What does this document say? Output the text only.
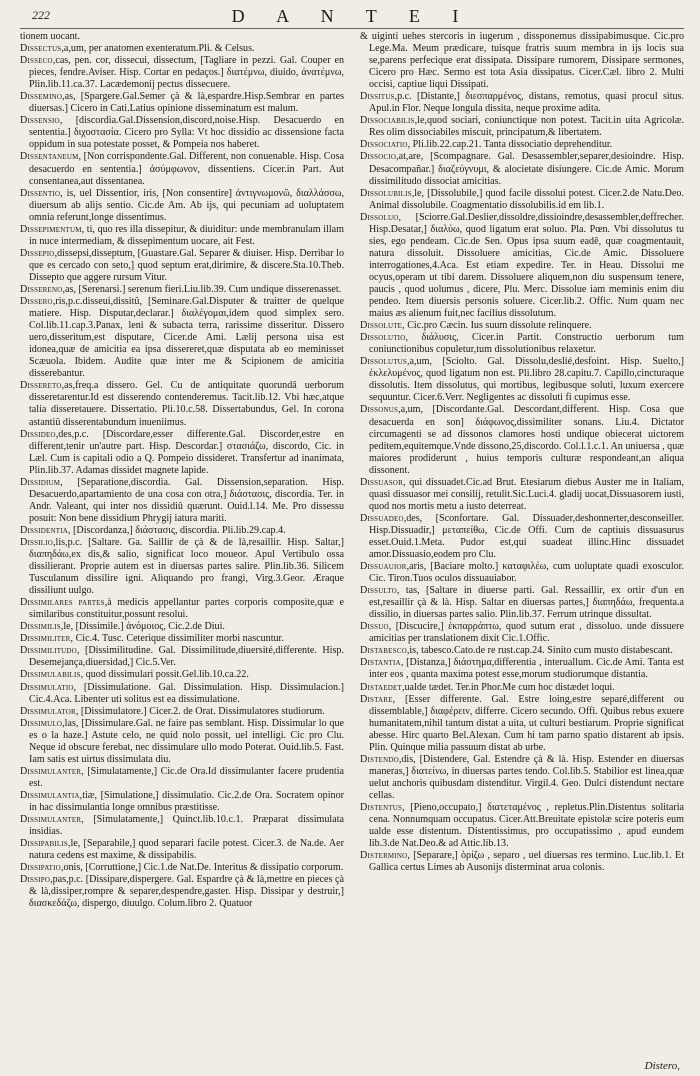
222	D A N T E I

tionem uocant.

Dissectus,a,um, per anatomen exenteratum.Pli. & Celsus.

Disseco,cas, pen. cor, dissecui, dissectum, [Tagliare in pezzi. Gal. Couper en pieces, fendre.Aviser. Hisp. Cortar en pedaços.] διατέμνω, diuido, ἀνατέμνω, Plin.lib.11.ca.37. Lacædemonij pectus dissecuere.

Dissemino,as, [Spargere.Gal.Semer çà & là,espardre.Hisp.Sembrar en partes diuersas.] Cicero in Cati.Latius opinione disseminatum est malum.

Dissensio, [discordia.Gal.Dissension,discord,noise.Hisp. Desacuerdo en sententia.] διχοστασία. Cicero pro Sylla: Vt hoc dissidio ac dissensione facta oppidum in sua potestate posset, & Pompeia nos haberet.

Dissentaneum, [Non corrispondente.Gal. Different, non conuenable. Hisp. Cosa desacuerdo en sententia.] ἀσύμφωνον, dissentiens. Cicer.in Part. Aut consentanea,aut dissentanea.

Dissentio, is, uel Dissentior, iris, [Non consentire] ἀντιγνωμονῶ, διαλλάσσω, diuersum ab alijs sentio. Cic.de Am. Ab ijs, qui pecuniam ad uoluptatem omnia referunt,longe dissentimus.

Dissepimentum, ti, quo res illa dissepitur, & diuiditur: unde membranulam illam in nuce intermediam, & dissepimentum uocare, ait Fest.

Dissepio,dissepsi,disseptum, [Guastare.Gal. Separer & diuiser. Hisp. Derribar lo que es cercado con seto,] quod septum erat,dirimire, & discere.Sta.10.Theb. Dissepto que aggere rursum Vitur.

Dissereno,as, [Serenarsi.] serenum fieri.Liu.lib.39. Cum undique disserenasset.

Dissero,ris,p.c.disseui,dissitû, [Seminare.Gal.Disputer & traitter de quelque matiere. Hisp. Disputar,declarar.] διαλέγομαι,idem quod simplex sero. Col.lib.11.cap.3.Panax, leni & subacta terra, rarissime disseritur. Dissero uero,disseritum,est disputare, Cicer.de Ami. Lælij persona uisa est idonea,quæ de amicitia ea ipsa dissereret,quæ disputata ab eo meminisset Scæuola. Ibidem. Audite quæ inter me & Scipionem de amicitia disserebantur.

Dissereto,as,freq.a dissero. Gel. Cu de antiquitate quorundâ uerborum disseretarentur.Id est disserendo contenderemus. Tacit.lib.12. Vbi hæc,atque talia disseretauere. Dissertatio. Pli.10.c.58. Dissertabundus, Gel. In corona astantiû disserentabundum inueniimus.

Dissideo,des,p.c. [Discordare,esser differente.Gal. Discorder,estre en different,tenir un'autre part. Hisp. Descordar.] στασιάζω, discordo, Cic. in Læl. Cum is capitali odio a Q. Pompeio dissideret. Transfertur ad inanimata, Plin.lib.37. Adamas dissidet magnete lapide.

Dissidium, [Separatione,discordia. Gal. Dissension,separation. Hisp. Desacuerdo,apartamiento de una cosa con otra,] διάστασις, discordia. Ter. in Andr. Valeant, qui inter nos dissidiû quærunt. Ouid.l.14. Me. Pro dissessu posuit: Non bene dissidium Phrygij iatura mariti.

Dissidentia, [Discordanza,] διάστασις, discordia. Pli.lib.29.cap.4.

Dissilio,lis,p.c. [Saltare. Ga. Saillir de çà & de là,resaillir. Hisp. Saltar,] διαπηδάω,ex dis,& salio, significat loco moueor. Apul Vertibulo ossa dissilierant. Proprie autem est in diuersas partes salire. Plin.lib.36. Silicem Tusculanum dissilire igni. Aliquando pro frangi, Virg.3.Geor. Æraque dissiliunt uulgo.

Dissimilares partes,à medicis appellantur partes corporis composite,quæ e similaribus constituitur,possunt resolui.

Dissimilis,le, [Dissimile.] ἀνόμοιος, Cic.2.de Diui.

Dissimiliter, Cic.4. Tusc. Ceterique dissimiliter morbi nascuntur.

Dissimilitudo, [Dissimilitudine. Gal. Dissimilitude,diuersité,differente. Hisp. Desemejança,diuersidad,] Cic.5.Ver.

Dissimulabilis, quod dissimulari possit.Gel.lib.10.ca.22.

Dissimulatio, [Dissimulatione. Gal. Dissimulation. Hisp. Dissimulacion.] Cic.4.Aca. Libenter uti solitus est ea dissimulatione.

Dissimulator, [Dissimulatore.] Cicer.2. de Orat. Dissimulatores studiorum.

Dissimulo,las, [Dissimulare.Gal. ne faire pas semblant. Hisp. Dissimular lo que es o la haze.] Astute celo, ne quid nolo possit, uel intelligi. Cic pro Clu. Neque id obscure ferebat, nec dissimulare ullo modo Poterat. Ouid.lib.5. Fast. Iam satis est uirtus dissimulata diu.

Dissimulanter, [Simulatamente,] Cic.de Ora.Id dissimulanter facere prudentia est.

Dissimulantia,tiæ, [Simulatione,] dissimulatio. Cic.2.de Ora. Socratem opinor in hac dissimulantia longe omnibus præstitisse.

Dissimulanter, [Simulatamente,] Quinct.lib.10.c.1. Præparat dissimulata insidias.

Dissipabilis,le, [Separabile,] quod separari facile potest. Cicer.3. de Na.de. Aer natura cedens est maxime, & dissipabilis.

Dissipatio,onis, [Corruttione,] Cic.1.de Nat.De. Interitus & dissipatio corporum.

Dissipo,pas,p.c. [Dissipare,dispergere. Gal. Espardre çà & là,mettre en pieces çà & là,dissiper,rompre & separer,despendre,gaster. Hisp. Dissipar y destruir,] διασκεδάζω, dispergo, diuulgo. Colum.libro 2. Quatuor

& uiginti uehes stercoris in iugerum , dissponemus dissipabimusque. Cic.pro Lege.Ma. Meum prædicare, tuisque fratris suum membra in ijs locis sua se,parens perfecique erat dissipata. Dissipare rumorem, Dissipare sermones, Cicero pro Hæc. Sermo est tota Asia dissipatus. Cicer.Cæl. libro 2. Multi occisi, captiue liqui Dissipati.

Dissitus,p.c. [Distante,] διεσπαρμένος, distans, remotus, quasi procul situs. Apul.in Flor. Neque longula dissita, neque proxime adita.

Dissociabilis,le,quod sociari, coniunctique non potest. Tacit.in uita Agricolæ. Res olim dissociabiles miscuit, principatum,& libertatem.

Dissociatio, Pli.lib.22.cap.21. Tanta dissociatio deprehenditur.

Dissocio,at,are, [Scompagnare. Gal. Desassembler,separer,desioindre. Hisp. Desacompañar.] διαζεύγνυμι, & alocietate disiungere. Cic.de Amic. Morum dissimilitudo dissociat amicitias.

Dissolubilis,le, [Dissolubile,] quod facile dissolui potest. Cicer.2.de Natu.Deo. Animal dissolubile. Coagmentatio dissolubilis.id em lib.1.

Dissoluo, [Sciorre.Gal.Deslier,dissoldre,dissioindre,desassembler,deffrecher. Hisp.Desatar,] διαλύω, quod ligatum erat soluo. Pla. Pœn. Vbi dissolutus tu sies, ego pendeam. Cic.de Sen. Opus ipsa suum eadê, quæ coagmentauit, natura dissoluit. Dissoluere amicitias, Cic.de Amic. Dissoluere interrogationes,4.Aca. Est etiam expedire. Ter. in Heau. Dissolui me ocyus,operam ut tibi darem. Dissoluere aliquem,non diu suspensum tenere, paucis , quod uolumus , dicere, Plu. Merc. Dissolue iam meminis enim diu pendeo. Item diuersis personis soluere. Cicer.lib.2. Offic. Num quam nec maius æs alienum fuit,nec facilius dissolutum.

Dissolute, Cic.pro Cæcin. Ius suum dissolute relinquere.

Dissolutio, διάλυσις, Cicer.in Partit. Constructio uerborum tum coniunctionibus copuletur,tum dissolutionibus relaxetur.

Dissolutus,a,um, [Sciolto. Gal. Dissolu,deslié,desfoint. Hisp. Suelto,] ἐκλελυμένος, quod ligatum non est. Pli.libro 28.capitu.7. Capillo,cincturaque dissolutis. Item dissolutus, qui mortibus, legibusque soluti, luxum exercere sequuntur. Cicer.6.Verr. Negligentes ac dissoluti fi cupimus esse.

Dissonus,a,um, [Discordante.Gal. Descordant,different. Hisp. Cosa que desacuerda en son] διάφωνος,dissimiliter sonans. Liu.4. Dictator circumagenti se ad dissonos clamores hosti undique obiecerat uictorem peditem,equitemque.Vnde dissono,25,discordo. Col.l.1.c.1. An uniuersa , quæ maiores prodiderunt , huius temporis culturæ respondeant,an aliqua dissonent.

Dissuasor, qui dissuadet.Cic.ad Brut. Etesiarum diebus Auster me in Italiam, quasi dissuasor mei consilij, retulit.Sic.Luci.4. gladij uocat,Dissuasorem iusti, quod nos mortis metu a iusto deterreat.

Dissuadeo,des, [Sconfortare. Gal. Dissuader,deshonnerter,desconseiller. Hisp.Dissuadir,] μεταπείθω, Cic.de Offi. Cum de captiuis dissuasurus esset.Ouid.1.Meta. Pudor est,qui suadeat illinc.Hinc dissuadet amor.Dissuasio,eodem pro Clu.

Dissuauior,aris, [Baciare molto.] καταφιλέω, cum uoluptate quadi exosculor. Cic. Tiron.Tuos oculos dissuauiabor.

Dissulto, tas, [Saltare in diuerse parti. Gal. Ressaillir, ex ortir d'un en est,resaillir çà & là. Hisp. Saltar en diuersas partes,] διαπηδάω, frequenta.a dissilio, in diuersas partes salio. Plin.lib.37. Ferrum utrinque dissultat.

Dissuo, [Discucire,] ἐκπαρράπτω, quod sutum erat , dissoluo. unde dissuere amicitias per translationem dixit Cic.1.Offic.

Distabesco,is, tabesco.Cato.de re rust.cap.24. Sinito cum musto distabescant.

Distantia, [Distanza,] διάστημα,differentia , interuallum. Cic.de Ami. Tanta est inter eos , quanta maxima potest esse,morum studiorumque distantia.

Distaedet,ualde tædet. Ter.in Phor.Me cum hoc distædet loqui.

Distare, [Esser differente. Gal. Estre loing,estre separé,different ou dissemblable,] διαφέρειν, differre. Cicero secundo. Offi. Quibus rebus exuere humanitatem,nihil tantum distat a uita, ut culturi bestiarum. Proprie significat abesse. Hirc quarto Bel.Alexan. Cum hi tam parno spatio distarent ab ipsis. Plin. Quinque milia passuum distat ab urbe.

Distendo,dis, [Distendere, Gal. Estendre çà & là. Hisp. Estender en diuersas maneras,] διατείνω, in diuersas partes tendo. Col.lib.5. Stabilior est linea,quæ uelut anchoris quibusdam distenditur. Virgil.4. Geo. Dulci distendunt nectare cellas.

Distentus, [Pieno,occupato,] διατεταμένος , repletus.Plin.Distentus solitaria cena. Nonnumquam occupatus. Cicer.Att.Breuitate epistolæ scire poteris eum ualde esse distentum. Distentissimus, pro occupatissimo , apud eundem lib.3.de Nat.Deo.& ad Attic.lib.13.

Distermino, [Separare,] ὁρίζω , separo , uel diuersas res termino. Luc.lib.1. Et Gallica certus Limes ab Ausonijs disterminat arua colonis.

Distero,
